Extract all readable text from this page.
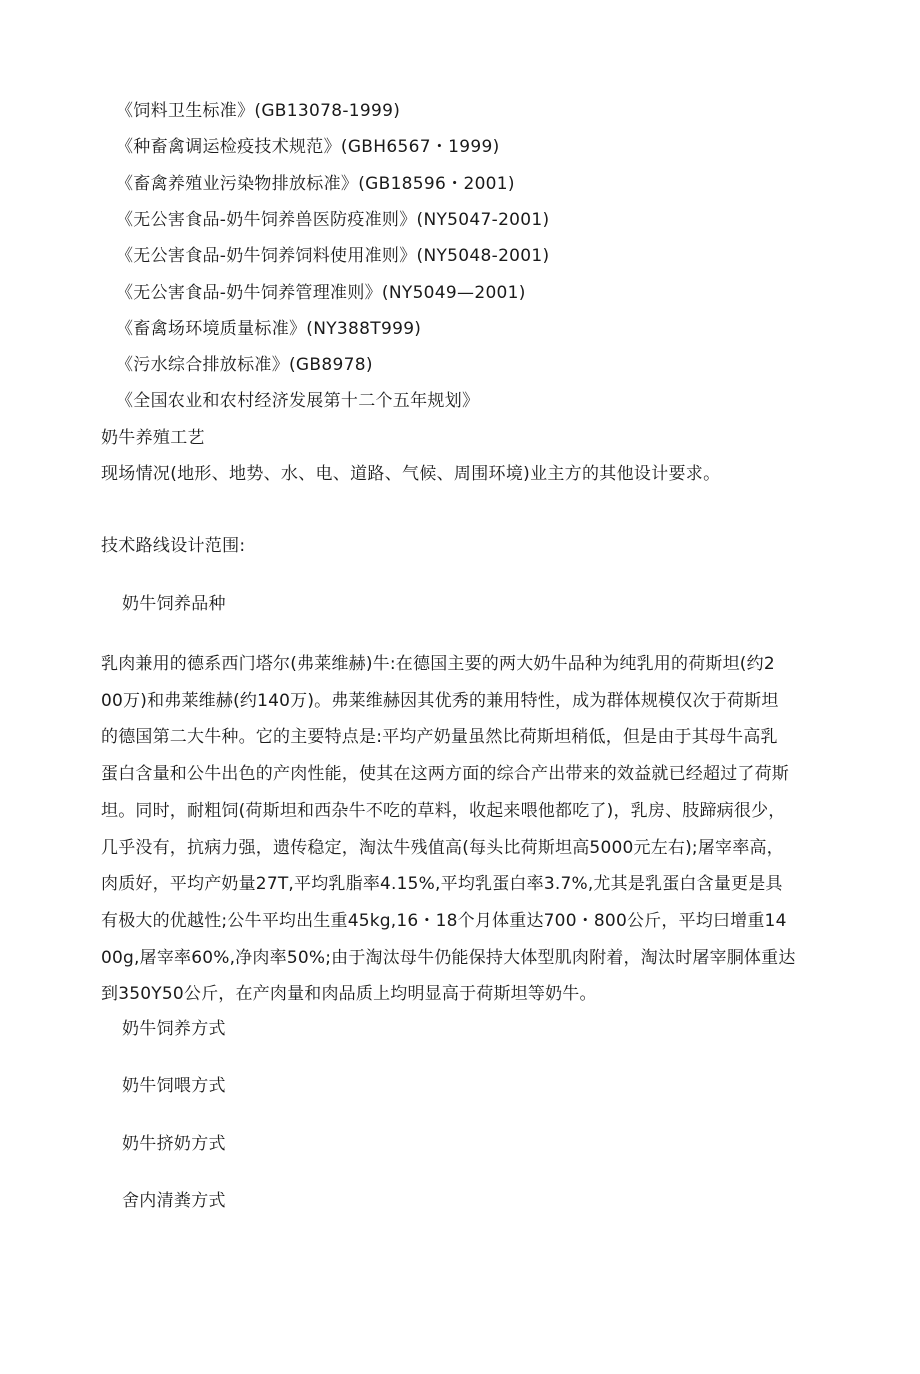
《饲料卫生标准》(GB13078-1999)
《种畜禽调运检疫技术规范》(GBH6567・1999)
《畜禽养殖业污染物排放标准》(GB18596・2001)
《无公害食品-奶牛饲养兽医防疫准则》(NY5047-2001)
《无公害食品-奶牛饲养饲料使用准则》(NY5048-2001)
《无公害食品-奶牛饲养管理准则》(NY5049—2001)
《畜禽场环境质量标准》(NY388T999)
《污水综合排放标准》(GB8978)
《全国农业和农村经济发展第十二个五年规划》
奶牛养殖工艺
现场情况(地形、地势、水、电、道路、气候、周围环境)业主方的其他设计要求。
技术路线设计范围:
奶牛饲养品种
乳肉兼用的德系西门塔尔(弗莱维赫)牛:在德国主要的两大奶牛品种为纯乳用的荷斯坦(约2
00万)和弗莱维赫(约140万)。弗莱维赫因其优秀的兼用特性，成为群体规模仅次于荷斯坦
的德国第二大牛种。它的主要特点是:平均产奶量虽然比荷斯坦稍低，但是由于其母牛高乳
蛋白含量和公牛出色的产肉性能，使其在这两方面的综合产出带来的效益就已经超过了荷斯
坦。同时，耐粗饲(荷斯坦和西杂牛不吃的草料，收起来喂他都吃了)，乳房、肢蹄病很少，
几乎没有，抗病力强，遗传稳定，淘汰牛残值高(每头比荷斯坦高5000元左右);屠宰率高，
肉质好，平均产奶量27T,平均乳脂率4.15%,平均乳蛋白率3.7%,尤其是乳蛋白含量更是具
有极大的优越性;公牛平均出生重45kg,16・18个月体重达700・800公斤，平均曰增重14
00g,屠宰率60%,净肉率50%;由于淘汰母牛仍能保持大体型肌肉附着，淘汰时屠宰胴体重达
到350Y50公斤，在产肉量和肉品质上均明显高于荷斯坦等奶牛。
奶牛饲养方式
奶牛饲喂方式
奶牛挤奶方式
舍内清粪方式
